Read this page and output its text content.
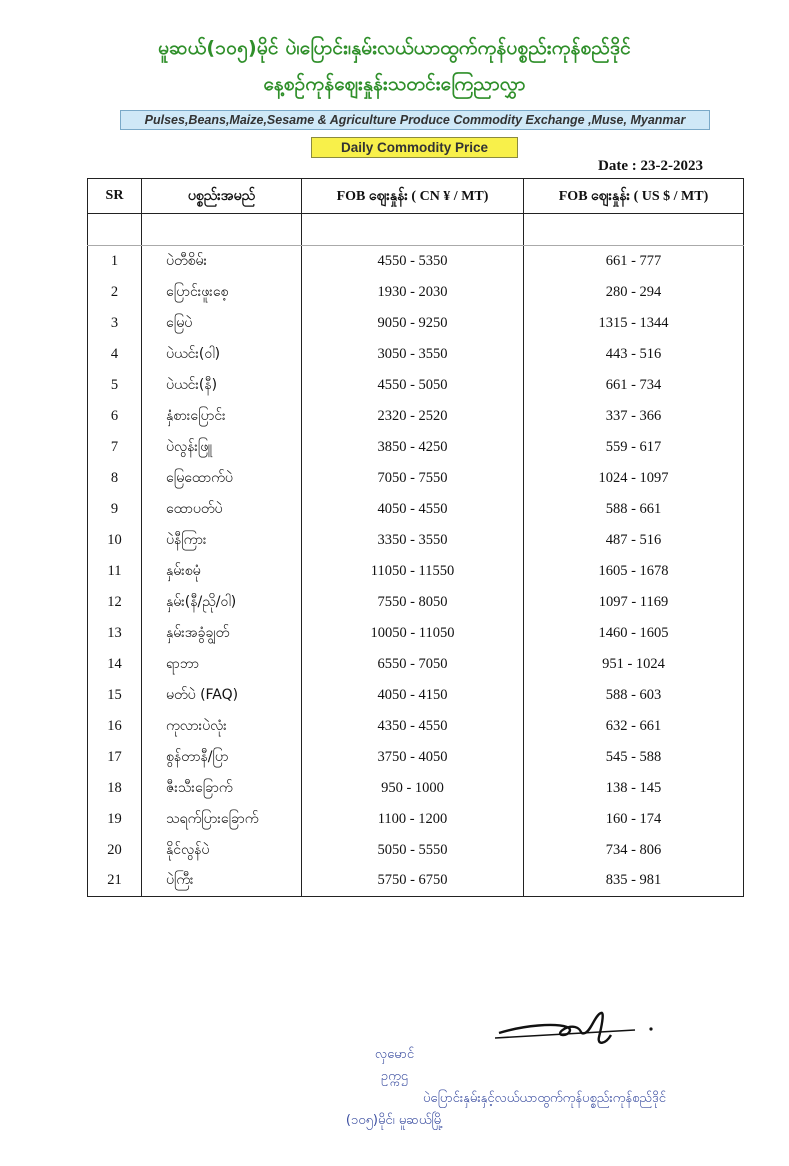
မူဆယ်(၁၀၅)မိုင် ပဲ၊ပြောင်း၊နှမ်းလယ်ယာထွက်ကုန်ပစ္စည်းကုန်စည်ဒိုင်
နေ့စဉ်ကုန်ဈေးနှုန်းသတင်းကြေညာလွှာ
Pulses,Beans,Maize,Sesame & Agriculture Produce Commodity Exchange ,Muse, Myanmar
Daily Commodity Price
Date : 23-2-2023
SR	ပစ္စည်းအမည်	FOB ဈေးနှုန်း ( CN ¥ / MT)	FOB ဈေးနှုန်း ( US $ / MT)

1	ပဲတီစိမ်း	4550 - 5350	661 - 777
2	ပြောင်းဖူးစေ့	1930 - 2030	280 - 294
3	မြေပဲ	9050 - 9250	1315 - 1344
4	ပဲယင်း(ဝါ)	3050 - 3550	443 - 516
5	ပဲယင်း(နီ)	4550 - 5050	661 - 734
6	နှံစားပြောင်း	2320 - 2520	337 - 366
7	ပဲလွန်းဖြူ	3850 - 4250	559 - 617
8	မြေထောက်ပဲ	7050 - 7550	1024 - 1097
9	ထောပတ်ပဲ	4050 - 4550	588 - 661
10	ပဲနီကြား	3350 - 3550	487 - 516
11	နှမ်းစမုံ	11050 - 11550	1605 - 1678
12	နှမ်း(နီ/ညို/ဝါ)	7550 - 8050	1097 - 1169
13	နှမ်းအခွံချွတ်	10050 - 11050	1460 - 1605
14	ရာဘာ	6550 - 7050	951 - 1024
15	မတ်ပဲ (FAQ)	4050 - 4150	588 - 603
16	ကုလားပဲလုံး	4350 - 4550	632 - 661
17	စွန်တာနီ/ပြာ	3750 - 4050	545 - 588
18	ဇီးသီးခြောက်	950 - 1000	138 - 145
19	သရက်ပြားခြောက်	1100 - 1200	160 - 174
20	နိုင်လွန်ပဲ	5050 - 5550	734 - 806
21	ပဲကြီး	5750 - 6750	835 - 981
လှမောင်
ဥက္ကဌ
ပဲပြောင်းနှမ်းနှင့်လယ်ယာထွက်ကုန်ပစ္စည်းကုန်စည်ဒိုင်
(၁၀၅)မိုင်၊ မူဆယ်မြို့
